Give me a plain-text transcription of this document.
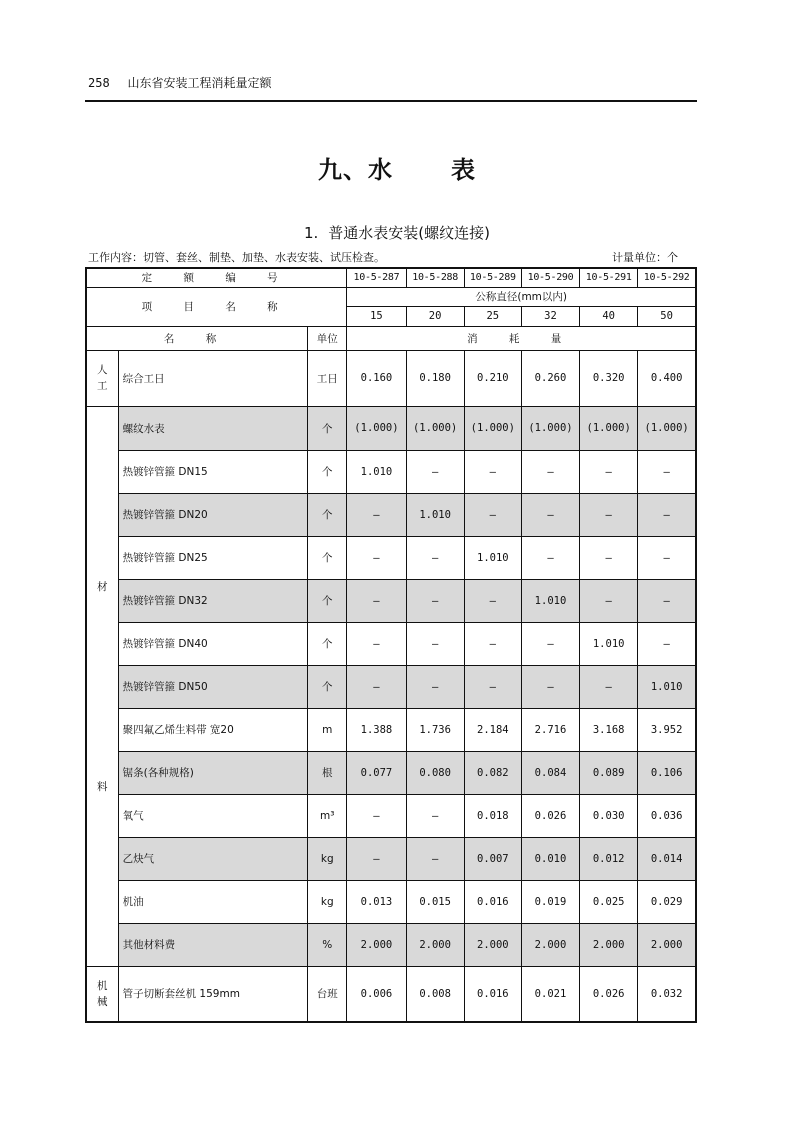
258 山东省安装工程消耗量定额
九、水 表
1. 普通水表安装(螺纹连接)
工作内容：切管、套丝、制垫、加垫、水表安装、试压检查。	计量单位：个
定 额 编 号			10-5-287	10-5-288	10-5-289	10-5-290	10-5-291	10-5-292
项 目 名 称			公称直径(mm以内)					
			15	20	25	32	40	50
名 称		单位	消 耗 量					
人工	综合工日	工日	0.160	0.180	0.210	0.260	0.320	0.400

材
料	螺纹水表	个	(1.000)	(1.000)	(1.000)	(1.000)	(1.000)	(1.000)
	热镀锌管箍 DN15	个	1.010	—	—	—	—	—
	热镀锌管箍 DN20	个	—	1.010	—	—	—	—
	热镀锌管箍 DN25	个	—	—	1.010	—	—	—
	热镀锌管箍 DN32	个	—	—	—	1.010	—	—
	热镀锌管箍 DN40	个	—	—	—	—	1.010	—
	热镀锌管箍 DN50	个	—	—	—	—	—	1.010
	聚四氟乙烯生料带 宽20	m	1.388	1.736	2.184	2.716	3.168	3.952
	锯条(各种规格)	根	0.077	0.080	0.082	0.084	0.089	0.106
	氧气	m³	—	—	0.018	0.026	0.030	0.036
	乙炔气	kg	—	—	0.007	0.010	0.012	0.014
	机油	kg	0.013	0.015	0.016	0.019	0.025	0.029
	其他材料费	%	2.000	2.000	2.000	2.000	2.000	2.000
机械	管子切断套丝机 159mm	台班	0.006	0.008	0.016	0.021	0.026	0.032
